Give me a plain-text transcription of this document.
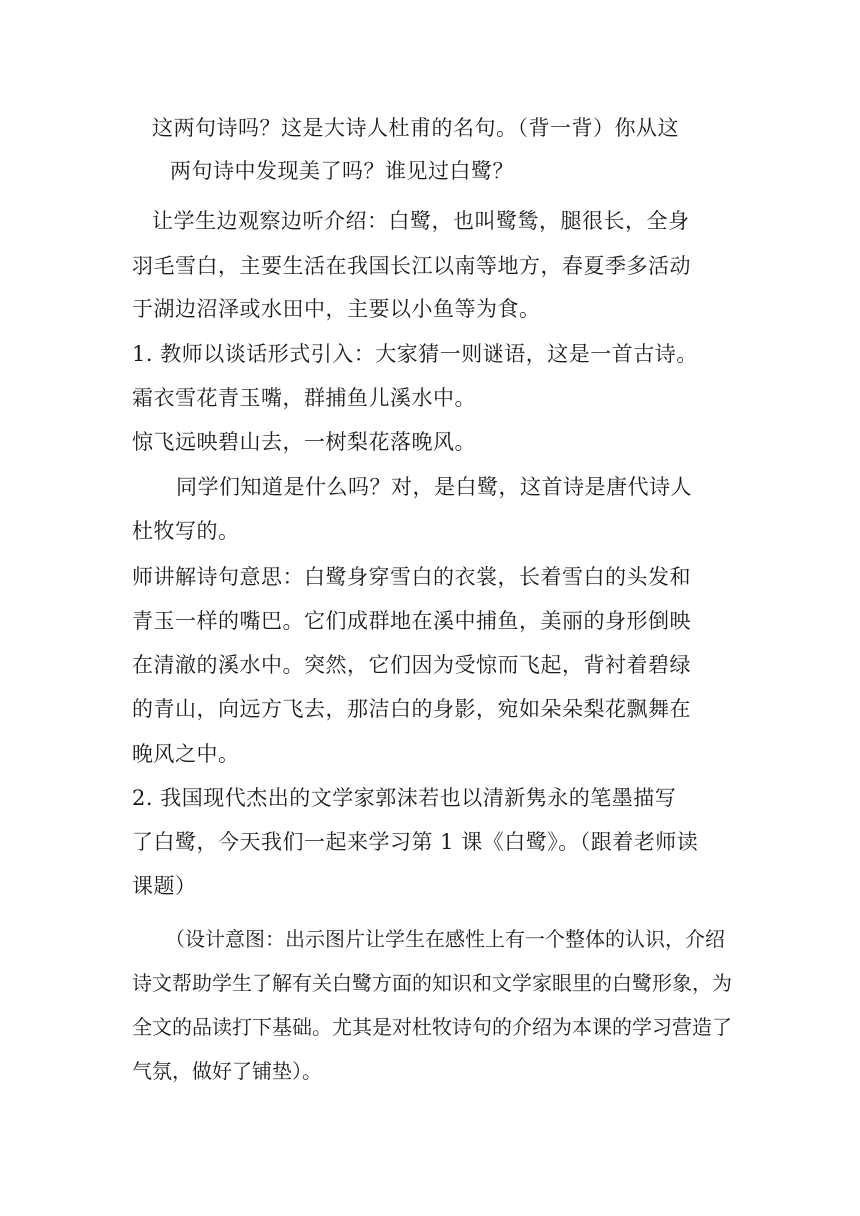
这两句诗吗？这是大诗人杜甫的名句。（背一背）你从这
两句诗中发现美了吗？谁见过白鹭？
让学生边观察边听介绍：白鹭，也叫鹭鸶，腿很长，全身
羽毛雪白，主要生活在我国长江以南等地方，春夏季多活动
于湖边沼泽或水田中，主要以小鱼等为食。
1. 教师以谈话形式引入：大家猜一则谜语，这是一首古诗。
霜衣雪花青玉嘴，群捕鱼儿溪水中。
惊飞远映碧山去，一树梨花落晚风。
同学们知道是什么吗？对，是白鹭，这首诗是唐代诗人
杜牧写的。
师讲解诗句意思：白鹭身穿雪白的衣裳，长着雪白的头发和
青玉一样的嘴巴。它们成群地在溪中捕鱼，美丽的身形倒映
在清澈的溪水中。突然，它们因为受惊而飞起，背衬着碧绿
的青山，向远方飞去，那洁白的身影，宛如朵朵梨花飘舞在
晚风之中。
2. 我国现代杰出的文学家郭沫若也以清新隽永的笔墨描写
了白鹭，今天我们一起来学习第 1 课《白鹭》。（跟着老师读
课题）
（设计意图：出示图片让学生在感性上有一个整体的认识，介绍
诗文帮助学生了解有关白鹭方面的知识和文学家眼里的白鹭形象，为
全文的品读打下基础。尤其是对杜牧诗句的介绍为本课的学习营造了
气氛，做好了铺垫）。
